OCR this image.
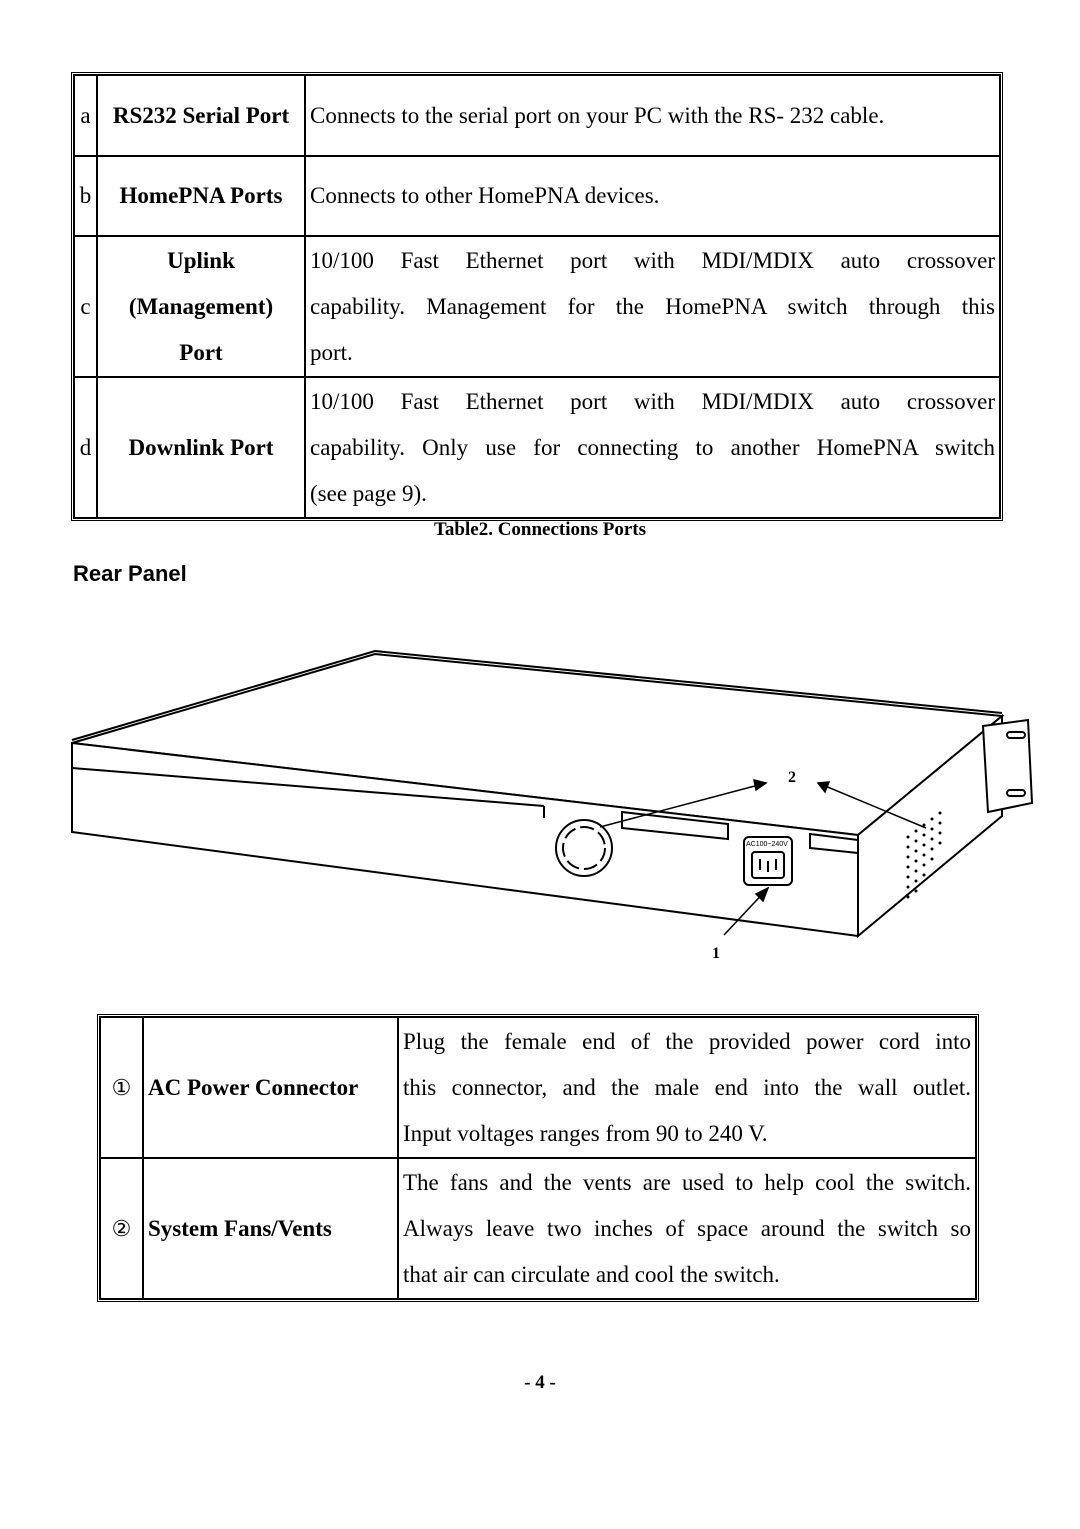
a	RS232 Serial Port	Connects to the serial port on your PC with the RS- 232 cable.
b	HomePNA Ports	Connects to other HomePNA devices.
c	Uplink
(Management)
Port	10/100 Fast Ethernet port with MDI/MDIX auto crossover
capability. Management for the HomePNA switch through this
port.

d	Downlink Port	10/100 Fast Ethernet port with MDI/MDIX auto crossover
capability. Only use for connecting to another HomePNA switch
(see page 9).
Table2. Connections Ports
Rear Panel
AC100~240V
2
1
①	AC Power Connector	Plug the female end of the provided power cord into
this connector, and the male end into the wall outlet.
Input voltages ranges from 90 to 240 V.

②	System Fans/Vents	The fans and the vents are used to help cool the switch.
Always leave two inches of space around the switch so
that air can circulate and cool the switch.
- 4 -
